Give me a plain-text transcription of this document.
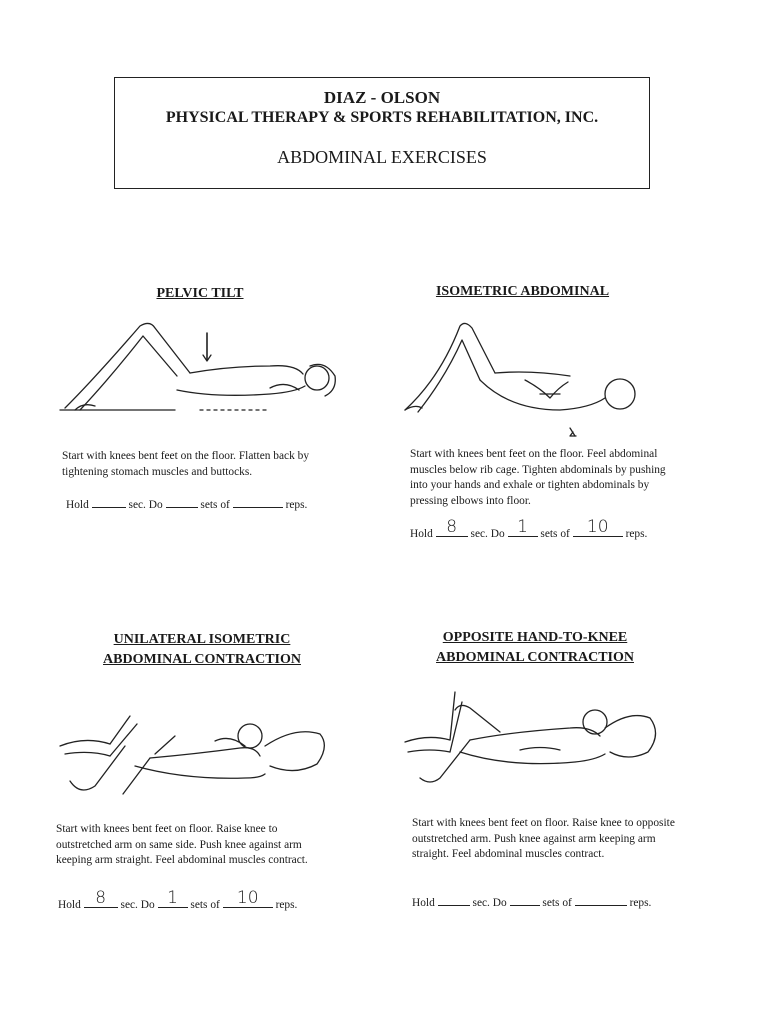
DIAZ - OLSON
PHYSICAL THERAPY & SPORTS REHABILITATION, INC.
ABDOMINAL EXERCISES
PELVIC TILT
Start with knees bent feet on the floor. Flatten back by tightening stomach muscles and buttocks.
Hold	sec. Do	sets of	reps.
ISOMETRIC ABDOMINAL
Start with knees bent feet on the floor. Feel abdominal muscles below rib cage. Tighten abdominals by pushing into your hands and exhale or tighten abdominals by pressing elbows into floor.
Hold 8	sec. Do 1	sets of	10	reps.
UNILATERAL ISOMETRIC
ABDOMINAL CONTRACTION
Start with knees bent feet on floor. Raise knee to outstretched arm on same side. Push knee against arm keeping arm straight. Feel abdominal muscles contract.
Hold 8	sec. Do 1	sets of	10	reps.
OPPOSITE HAND-TO-KNEE
ABDOMINAL CONTRACTION
Start with knees bent feet on floor. Raise knee to opposite outstretched arm. Push knee against arm keeping arm straight. Feel abdominal muscles contract.
Hold	sec. Do	sets of	reps.
